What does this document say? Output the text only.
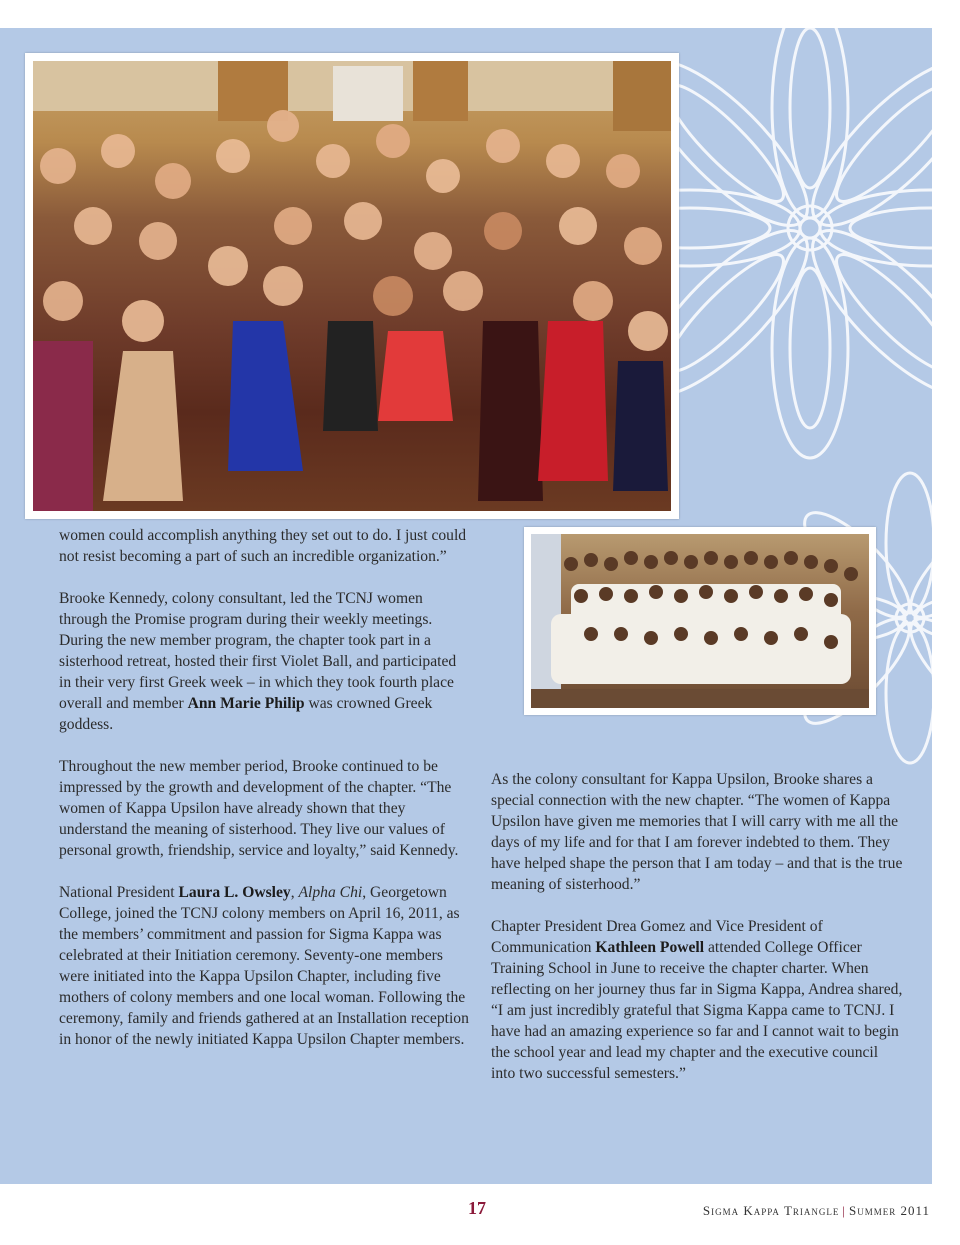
women could accomplish anything they set out to do. I just could not resist becoming a part of such an incredible organization.”

Brooke Kennedy, colony consultant, led the TCNJ women through the Promise program during their weekly meetings. During the new member program, the chapter took part in a sisterhood retreat, hosted their first Violet Ball, and participated in their very first Greek week – in which they took fourth place overall and member Ann Marie Philip was crowned Greek goddess.

Throughout the new member period, Brooke continued to be impressed by the growth and development of the chapter. “The women of Kappa Upsilon have already shown that they understand the meaning of sisterhood. They live our values of personal growth, friendship, service and loyalty,” said Kennedy.

National President Laura L. Owsley, Alpha Chi, Georgetown College, joined the TCNJ colony members on April 16, 2011, as the members’ commitment and passion for Sigma Kappa was celebrated at their Initiation ceremony. Seventy-one members were initiated into the Kappa Upsilon Chapter, including five mothers of colony members and one local woman. Following the ceremony, family and friends gathered at an Installation reception in honor of the newly initiated Kappa Upsilon Chapter members.

As the colony consultant for Kappa Upsilon, Brooke shares a special connection with the new chapter. “The women of Kappa Upsilon have given me memories that I will carry with me all the days of my life and for that I am forever indebted to them. They have helped shape the person that I am today – and that is the true meaning of sisterhood.”

Chapter President Drea Gomez and Vice President of Communication Kathleen Powell attended College Officer Training School in June to receive the chapter charter. When reflecting on her journey thus far in Sigma Kappa, Andrea shared, “I am just incredibly grateful that Sigma Kappa came to TCNJ. I have had an amazing experience so far and I cannot wait to begin the school year and lead my chapter and the executive council into two successful semesters.”

17	Sigma Kappa Triangle | Summer 2011
